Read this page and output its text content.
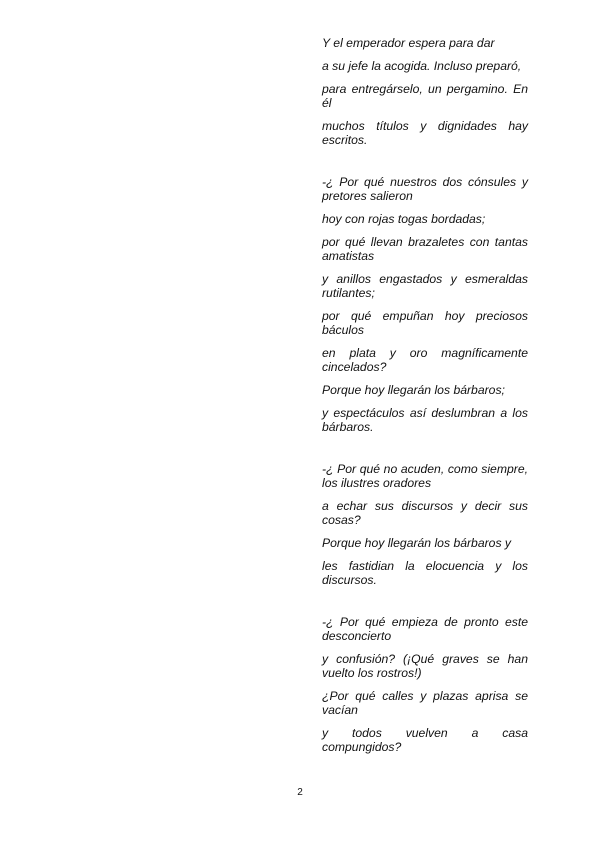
Y el emperador espera para dar

a su jefe la acogida. Incluso preparó,

para entregárselo, un pergamino. En él

muchos títulos y dignidades hay escritos.

-¿ Por qué nuestros dos cónsules y pretores salieron

hoy con rojas togas bordadas;

por qué llevan brazaletes con tantas amatistas

y anillos engastados y esmeraldas rutilantes;

por qué empuñan hoy preciosos báculos

en plata y oro magníficamente cincelados?

Porque hoy llegarán los bárbaros;

y espectáculos así deslumbran a los bárbaros.

-¿ Por qué no acuden, como siempre, los ilustres oradores

a echar sus discursos y decir sus cosas?

Porque hoy llegarán los bárbaros y

les fastidian la elocuencia y los discursos.

-¿ Por qué empieza de pronto este desconcierto

y confusión? (¡Qué graves se han vuelto los rostros!)

¿Por qué calles y plazas aprisa se vacían

y todos vuelven a casa compungidos?

2
